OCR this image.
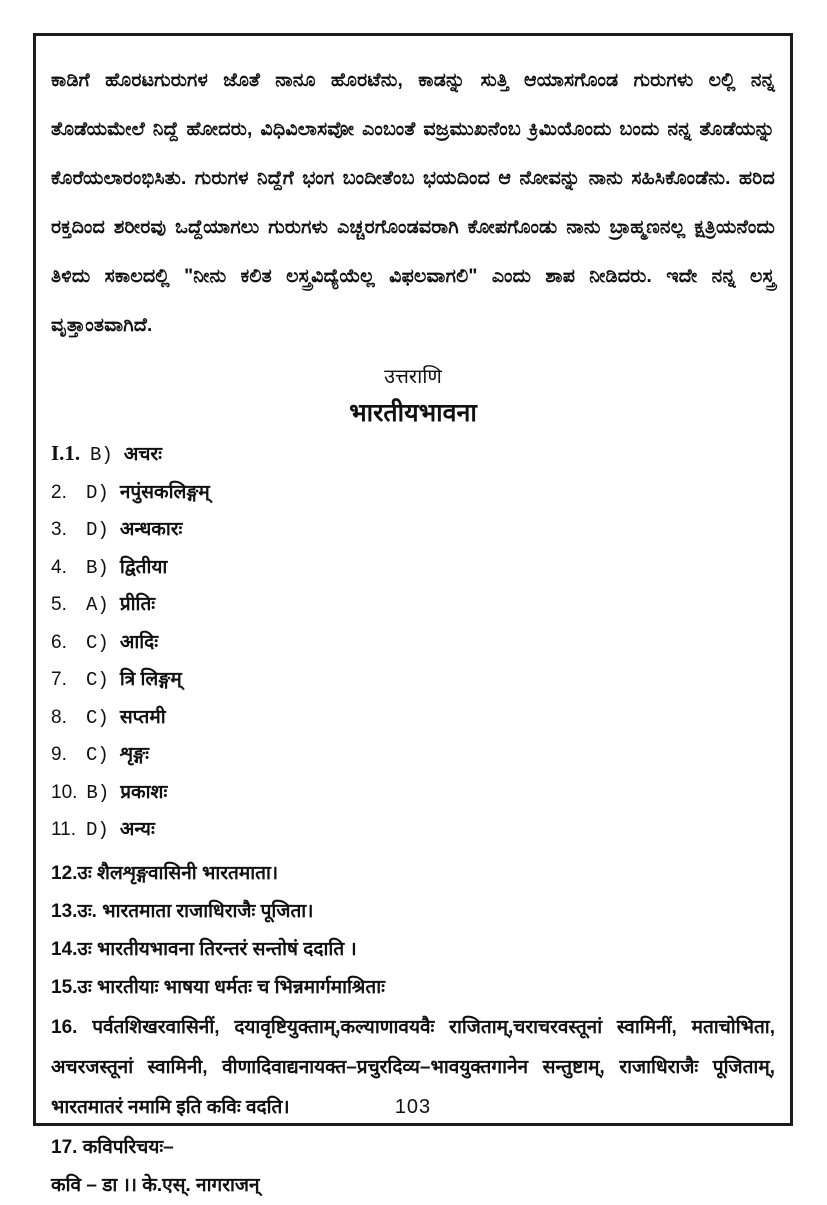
ಕಾಡಿಗೆ ಹೊರಟಗುರುಗಳ ಜೊತೆ ನಾನೂ ಹೊರಟೆನು, ಕಾಡನ್ನು ಸುತ್ತಿ ಆಯಾಸಗೊಂಡ ಗುರುಗಳು ಲಲ್ಲಿ ನನ್ನ ತೊಡೆಯಮೇಲೆ ನಿದ್ದೆ ಹೋದರು, ವಿಧಿವಿಲಾಸವೋ ಎಂಬಂತೆ ವಜ್ರಮುಖನೆಂಬ ಕ್ರಿಮಿಯೊಂದು ಬಂದು ನನ್ನ ತೊಡೆಯನ್ನು ಕೊರೆಯಲಾರಂಭಿಸಿತು. ಗುರುಗಳ ನಿದ್ದೆಗೆ ಭಂಗ ಬಂದೀತೆಂಬ ಭಯದಿಂದ ಆ ನೋವನ್ನು ನಾನು ಸಹಿಸಿಕೊಂಡೆನು. ಹರಿದ ರಕ್ತದಿಂದ ಶರೀರವು ಒದ್ದೆಯಾಗಲು ಗುರುಗಳು ಎಚ್ಚರಗೊಂಡವರಾಗಿ ಕೋಪಗೊಂಡು ನಾನು ಬ್ರಾಹ್ಮಣನಲ್ಲ ಕ್ಷತ್ರಿಯನೆಂದು ತಿಳಿದು ಸಕಾಲದಲ್ಲಿ "ನೀನು ಕಲಿತ ಲಸ್ತ್ರವಿದ್ಯೆಯೆಲ್ಲ ವಿಫಲವಾಗಲಿ" ಎಂದು ಶಾಪ ನೀಡಿದರು. ಇದೇ ನನ್ನ ಲಸ್ತ್ರ ವೃತ್ತಾಂತವಾಗಿದೆ.

उत्तराणि
भारतीयभावना
I.1. B) अचरः
2.	D) नपुंसकलिङ्गम्
3.	D) अन्धकारः
4.	B) द्वितीया
5.	A) प्रीतिः
6.	C) आदिः
7.	C) त्रि लिङ्गम्
8.	C) सप्तमी
9.	C) शृङ्गः
10. B) प्रकाशः
11. D) अन्यः

12.उः शैलशृङ्गवासिनी भारतमाता।

13.उः. भारतमाता राजाधिराजैः पूजिता।

14.उः भारतीयभावना तिरन्तरं सन्तोषं ददाति ।

15.उः भारतीयाः भाषया धर्मतः च भिन्नमार्गमाश्रिताः

16. पर्वतशिखरवासिनीं, दयावृष्टियुक्ताम्,कल्याणावयवैः राजिताम्,चराचरवस्तूनां स्वामिनीं, मताचोभिता, अचरजस्तूनां स्वामिनी, वीणादिवाद्यनायक्त–प्रचुरदिव्य–भावयुक्तगानेन सन्तुष्टाम्, राजाधिराजैः पूजिताम्, भारतमातरं नमामि इति कविः वदति।

17. कविपरिचयः–

कवि – डा ।। के.एस्. नागराजन्

103
